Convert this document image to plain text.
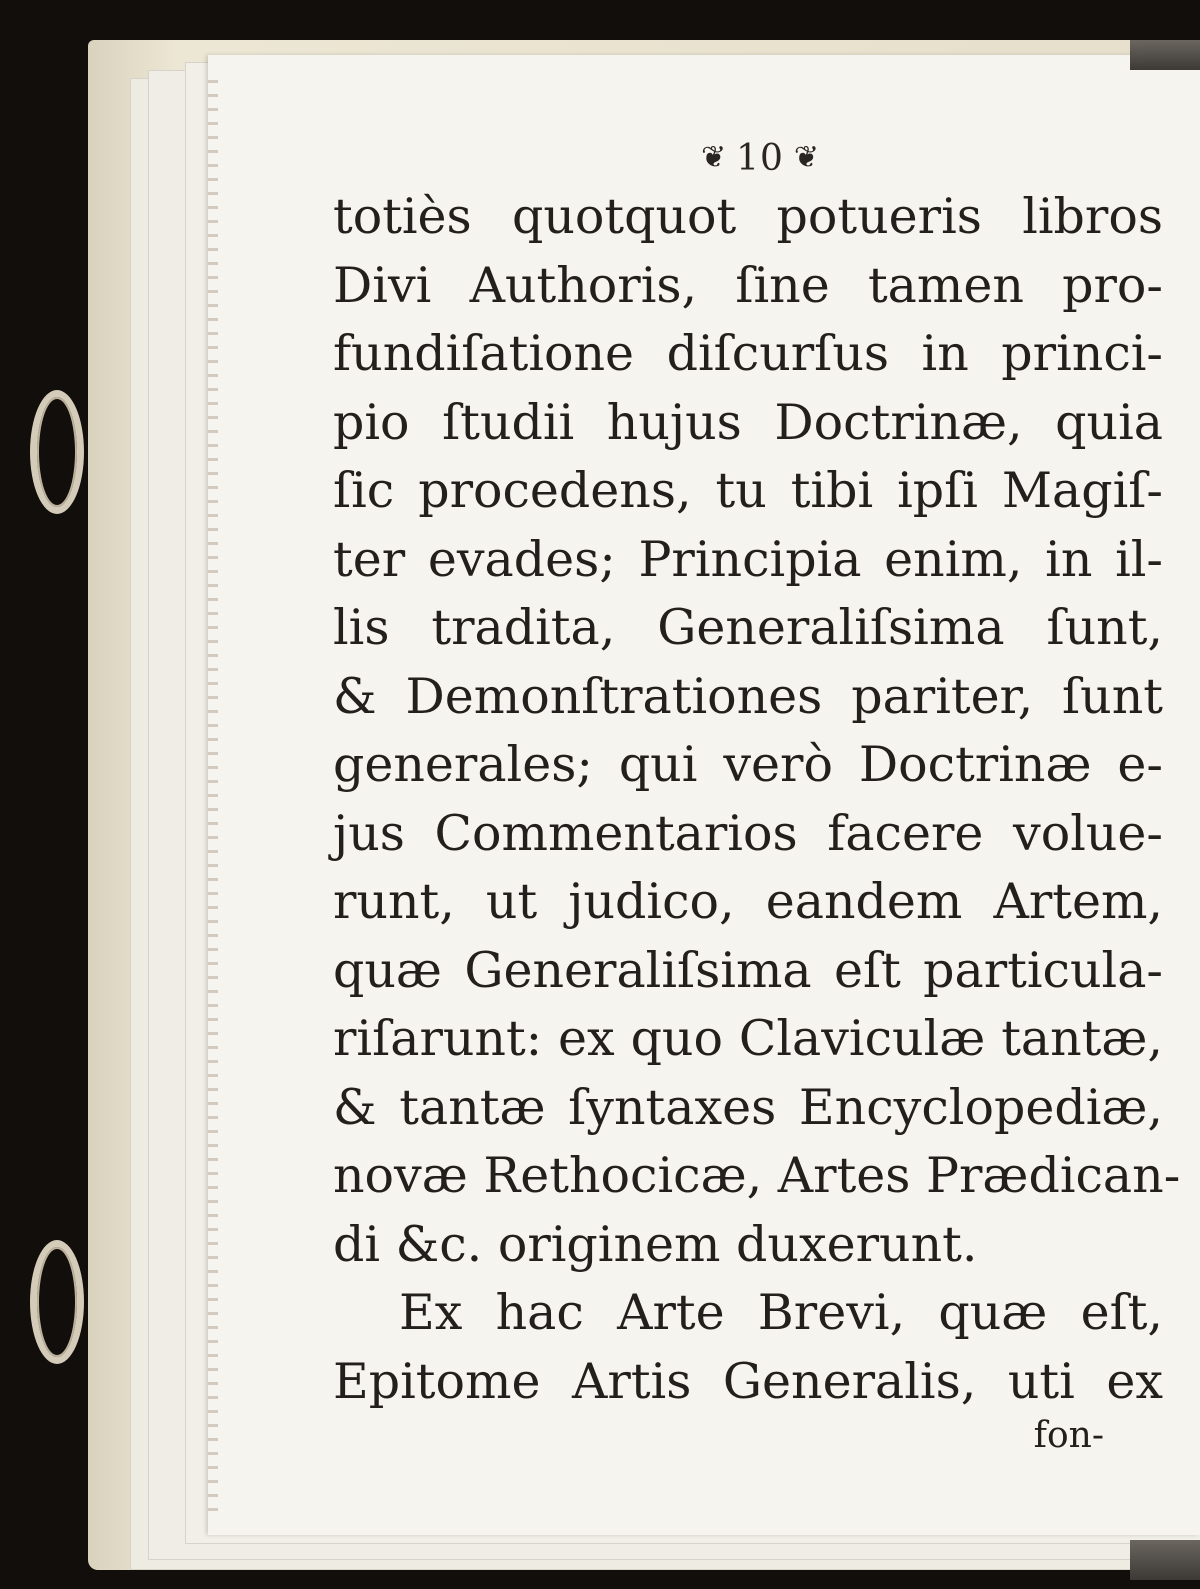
❦ 10 ❦
totiès quotquot potueris libros
Divi Authoris, ſine tamen pro-
fundiſatione diſcurſus in princi-
pio ſtudii hujus Doctrinæ, quia
ſic procedens, tu tibi ipſi Magiſ-
ter evades; Principia enim, in il-
lis tradita, Generaliſsima ſunt,
& Demonſtrationes pariter, ſunt
generales; qui verò Doctrinæ e-
jus Commentarios facere volue-
runt, ut judico, eandem Artem,
quæ Generaliſsima eſt particula-
riſarunt: ex quo Claviculæ tantæ,
& tantæ ſyntaxes Encyclopediæ,
novæ Rethocicæ, Artes Prædican-
di &c. originem duxerunt.
Ex hac Arte Brevi, quæ eſt,
Epitome Artis Generalis, uti ex
fon-
